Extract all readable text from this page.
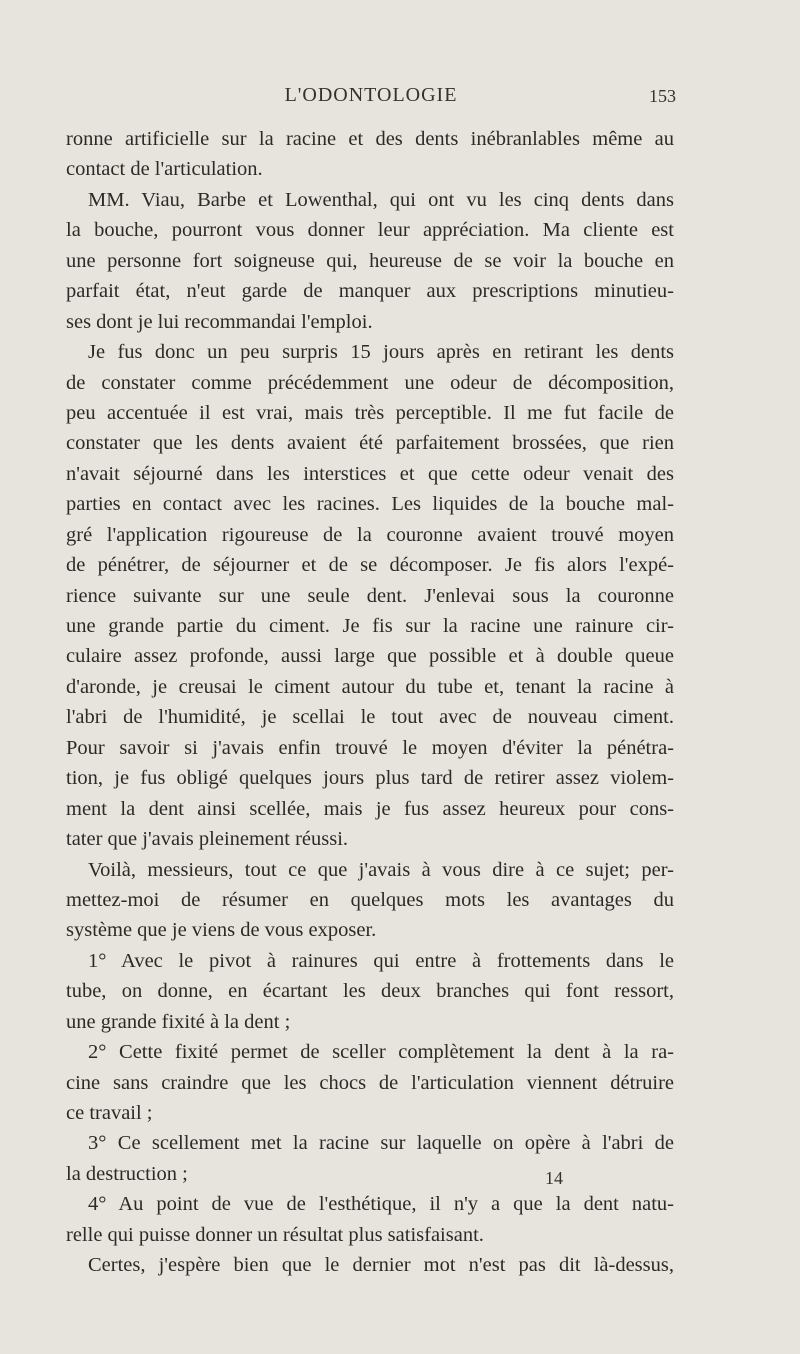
L'ODONTOLOGIE	153
ronne artificielle sur la racine et des dents inébranlables même au
contact de l'articulation.
MM. Viau, Barbe et Lowenthal, qui ont vu les cinq dents dans
la bouche, pourront vous donner leur appréciation. Ma cliente est
une personne fort soigneuse qui, heureuse de se voir la bouche en
parfait état, n'eut garde de manquer aux prescriptions minutieu-
ses dont je lui recommandai l'emploi.
Je fus donc un peu surpris 15 jours après en retirant les dents
de constater comme précédemment une odeur de décomposition,
peu accentuée il est vrai, mais très perceptible. Il me fut facile de
constater que les dents avaient été parfaitement brossées, que rien
n'avait séjourné dans les interstices et que cette odeur venait des
parties en contact avec les racines. Les liquides de la bouche mal-
gré l'application rigoureuse de la couronne avaient trouvé moyen
de pénétrer, de séjourner et de se décomposer. Je fis alors l'expé-
rience suivante sur une seule dent. J'enlevai sous la couronne
une grande partie du ciment. Je fis sur la racine une rainure cir-
culaire assez profonde, aussi large que possible et à double queue
d'aronde, je creusai le ciment autour du tube et, tenant la racine à
l'abri de l'humidité, je scellai le tout avec de nouveau ciment.
Pour savoir si j'avais enfin trouvé le moyen d'éviter la pénétra-
tion, je fus obligé quelques jours plus tard de retirer assez violem-
ment la dent ainsi scellée, mais je fus assez heureux pour cons-
tater que j'avais pleinement réussi.
Voilà, messieurs, tout ce que j'avais à vous dire à ce sujet; per-
mettez-moi de résumer en quelques mots les avantages du
système que je viens de vous exposer.
1° Avec le pivot à rainures qui entre à frottements dans le
tube, on donne, en écartant les deux branches qui font ressort,
une grande fixité à la dent ;
2° Cette fixité permet de sceller complètement la dent à la ra-
cine sans craindre que les chocs de l'articulation viennent détruire
ce travail ;
3° Ce scellement met la racine sur laquelle on opère à l'abri de
la destruction ;
4° Au point de vue de l'esthétique, il n'y a que la dent natu-
relle qui puisse donner un résultat plus satisfaisant.
Certes, j'espère bien que le dernier mot n'est pas dit là-dessus,
14
